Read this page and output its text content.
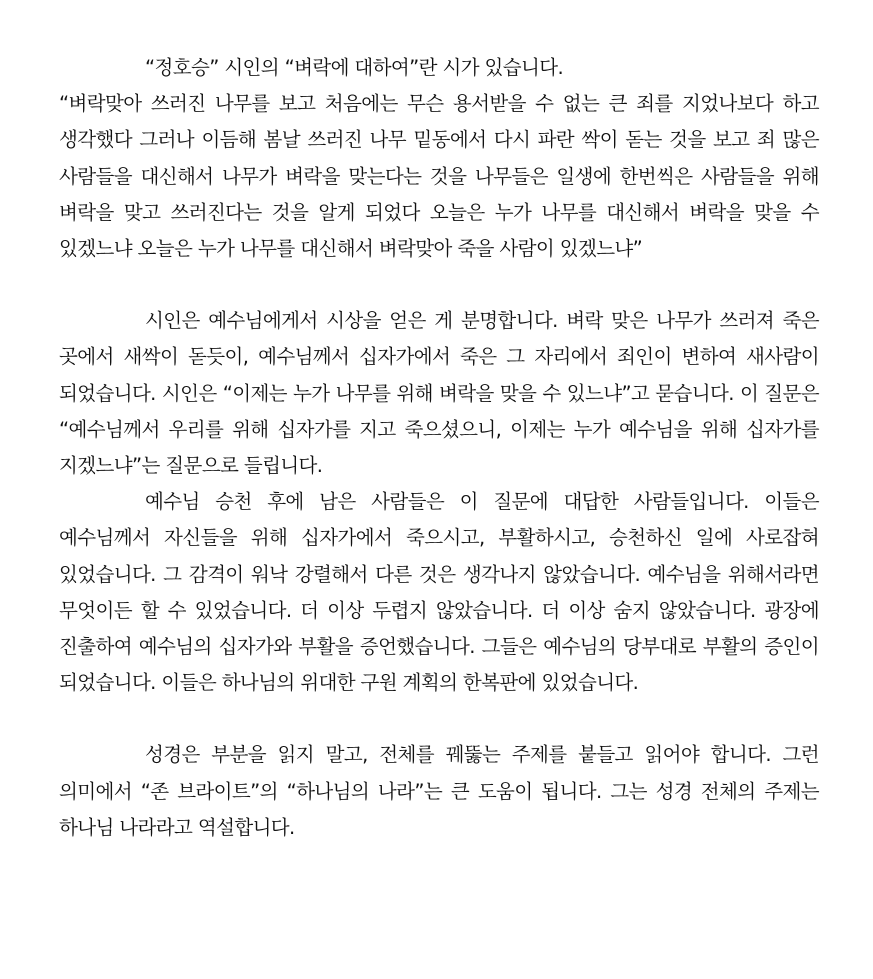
“정호승” 시인의 “벼락에 대하여”란 시가 있습니다.

“벼락맞아 쓰러진 나무를 보고 처음에는 무슨 용서받을 수 없는 큰 죄를 지었나보다 하고 생각했다 그러나 이듬해 봄날 쓰러진 나무 밑동에서 다시 파란 싹이 돋는 것을 보고 죄 많은 사람들을 대신해서 나무가 벼락을 맞는다는 것을 나무들은 일생에 한번씩은 사람들을 위해 벼락을 맞고 쓰러진다는 것을 알게 되었다 오늘은 누가 나무를 대신해서 벼락을 맞을 수 있겠느냐 오늘은 누가 나무를 대신해서 벼락맞아 죽을 사람이 있겠느냐”

시인은 예수님에게서 시상을 얻은 게 분명합니다. 벼락 맞은 나무가 쓰러져 죽은 곳에서 새싹이 돋듯이, 예수님께서 십자가에서 죽은 그 자리에서 죄인이 변하여 새사람이 되었습니다. 시인은 “이제는 누가 나무를 위해 벼락을 맞을 수 있느냐”고 묻습니다. 이 질문은 “예수님께서 우리를 위해 십자가를 지고 죽으셨으니, 이제는 누가 예수님을 위해 십자가를 지겠느냐”는 질문으로 들립니다.

예수님 승천 후에 남은 사람들은 이 질문에 대답한 사람들입니다. 이들은 예수님께서 자신들을 위해 십자가에서 죽으시고, 부활하시고, 승천하신 일에 사로잡혀 있었습니다. 그 감격이 워낙 강렬해서 다른 것은 생각나지 않았습니다. 예수님을 위해서라면 무엇이든 할 수 있었습니다. 더 이상 두렵지 않았습니다. 더 이상 숨지 않았습니다. 광장에 진출하여 예수님의 십자가와 부활을 증언했습니다. 그들은 예수님의 당부대로 부활의 증인이 되었습니다. 이들은 하나님의 위대한 구원 계획의 한복판에 있었습니다.

성경은 부분을 읽지 말고, 전체를 꿰뚫는 주제를 붙들고 읽어야 합니다. 그런 의미에서 “존 브라이트”의 “하나님의 나라”는 큰 도움이 됩니다. 그는 성경 전체의 주제는 하나님 나라라고 역설합니다.
